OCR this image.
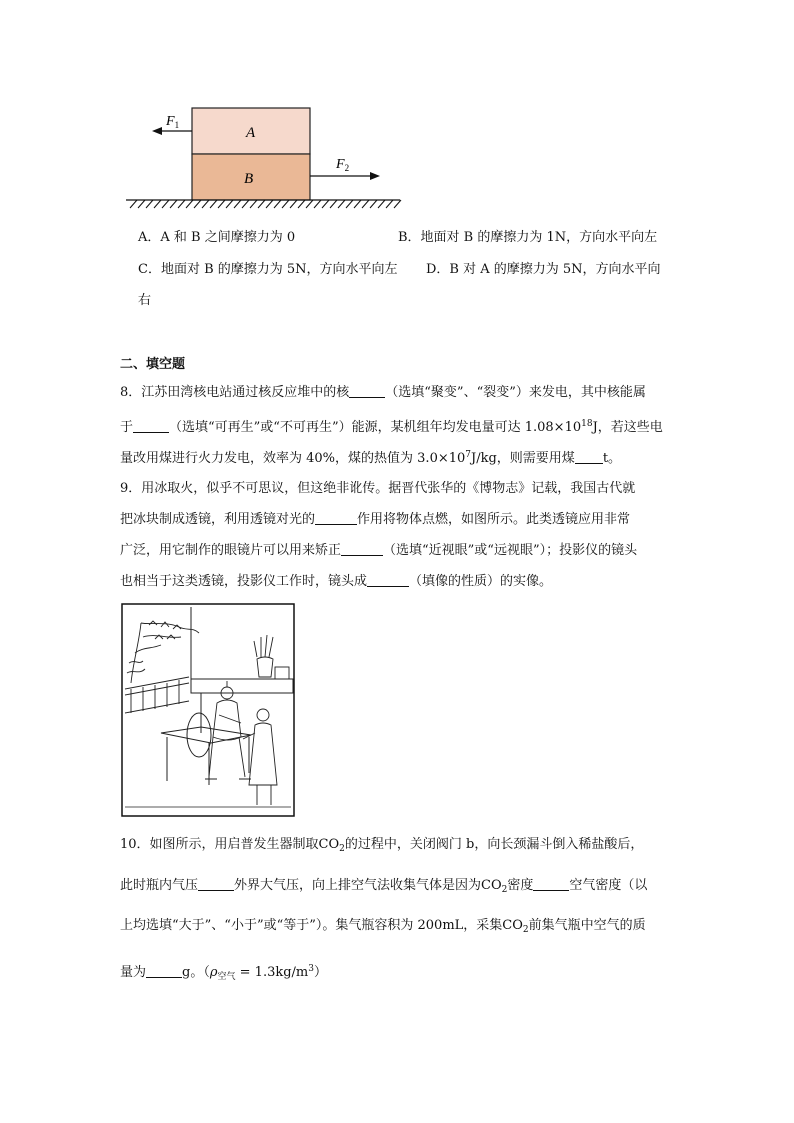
A
B
$F_1$
$F_2$
A．A 和 B 之间摩擦力为 0	B．地面对 B 的摩擦力为 1N，方向水平向左
C．地面对 B 的摩擦力为 5N，方向水平向左 D．B 对 A 的摩擦力为 5N，方向水平向
右
二、填空题
8．江苏田湾核电站通过核反应堆中的核	（选填“聚变”、“裂变”）来发电，其中核能属
于	（选填“可再生”或“不可再生”）能源，某机组年均发电量可达 $1.08\times 10^{18}J$，若这些电
量改用煤进行火力发电，效率为 40%，煤的热值为 $3.0\times 10^7J/kg$，则需要用煤 t。
9．用冰取火，似乎不可思议，但这绝非讹传。据晋代张华的《博物志》记载，我国古代就
把冰块制成透镜，利用透镜对光的	作用将物体点燃，如图所示。此类透镜应用非常
广泛，用它制作的眼镜片可以用来矫正	（选填“近视眼”或“远视眼”）；投影仪的镜头
也相当于这类透镜，投影仪工作时，镜头成	（填像的性质）的实像。
10．如图所示，用启普发生器制取$CO_2$的过程中，关闭阀门 b，向长颈漏斗倒入稀盐酸后，
此时瓶内气压	外界大气压，向上排空气法收集气体是因为$CO_2$密度	空气密度（以
上均选填“大于”、“小于”或“等于”）。集气瓶容积为 200mL，采集$CO_2$前集气瓶中空气的质
量为	g。$(\rho_{空气} = 1.3kg/m^3)$
